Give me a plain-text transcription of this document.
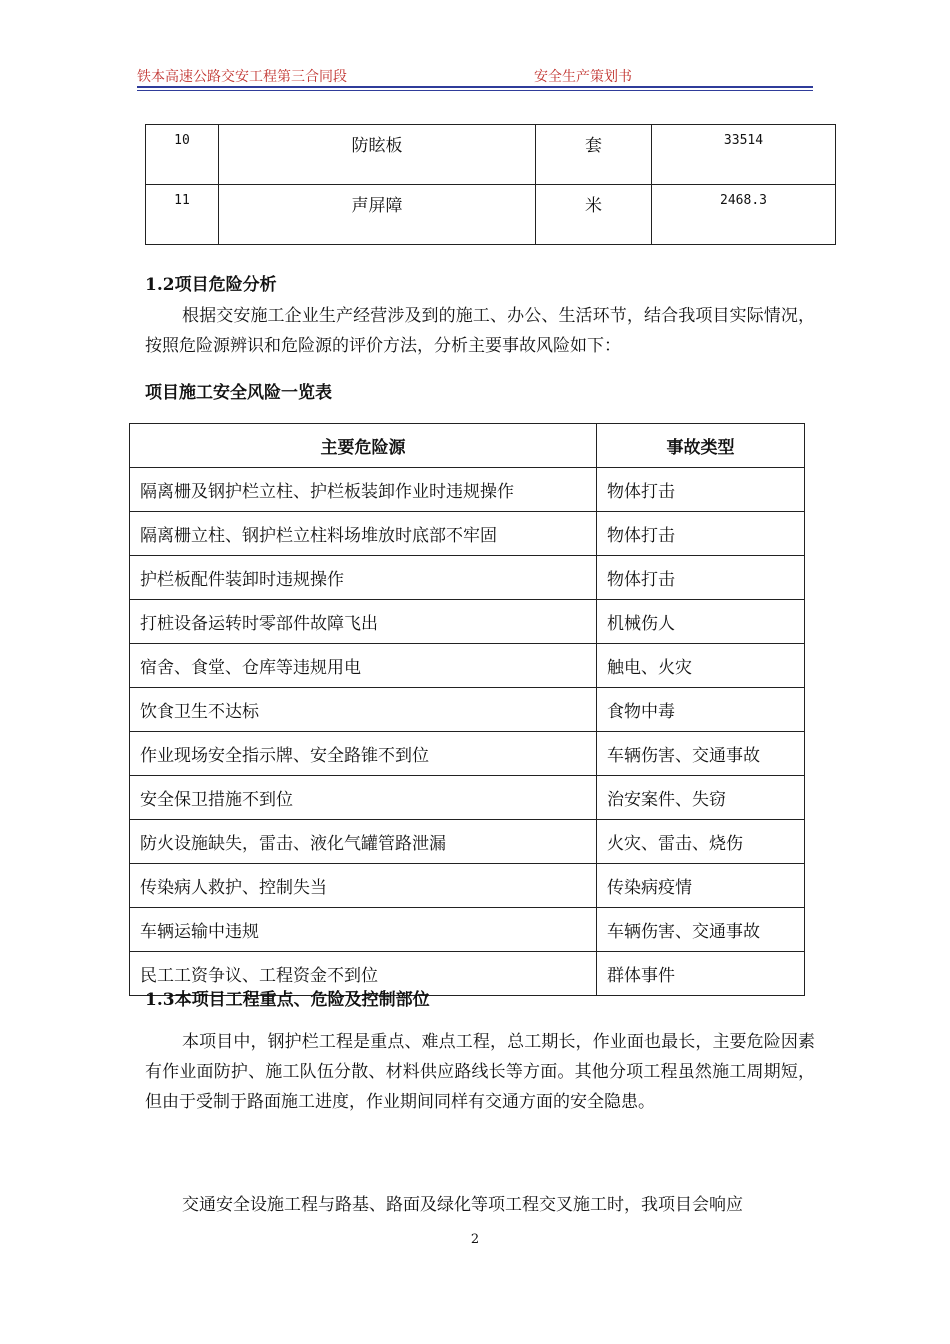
铁本高速公路交安工程第三合同段	安全生产策划书
10	防眩板	套	33514
11	声屏障	米	2468.3
1.2项目危险分析
根据交安施工企业生产经营涉及到的施工、办公、生活环节，结合我项目实际情况，按照危险源辨识和危险源的评价方法，分析主要事故风险如下：
项目施工安全风险一览表
主要危险源	事故类型
隔离栅及钢护栏立柱、护栏板装卸作业时违规操作	物体打击
隔离栅立柱、钢护栏立柱料场堆放时底部不牢固	物体打击
护栏板配件装卸时违规操作	物体打击
打桩设备运转时零部件故障飞出	机械伤人
宿舍、食堂、仓库等违规用电	触电、火灾
饮食卫生不达标	食物中毒
作业现场安全指示牌、安全路锥不到位	车辆伤害、交通事故
安全保卫措施不到位	治安案件、失窃
防火设施缺失，雷击、液化气罐管路泄漏	火灾、雷击、烧伤
传染病人救护、控制失当	传染病疫情
车辆运输中违规	车辆伤害、交通事故
民工工资争议、工程资金不到位	群体事件
1.3本项目工程重点、危险及控制部位
本项目中，钢护栏工程是重点、难点工程，总工期长，作业面也最长，主要危险因素有作业面防护、施工队伍分散、材料供应路线长等方面。其他分项工程虽然施工周期短，但由于受制于路面施工进度，作业期间同样有交通方面的安全隐患。
交通安全设施工程与路基、路面及绿化等项工程交叉施工时，我项目会响应
2
